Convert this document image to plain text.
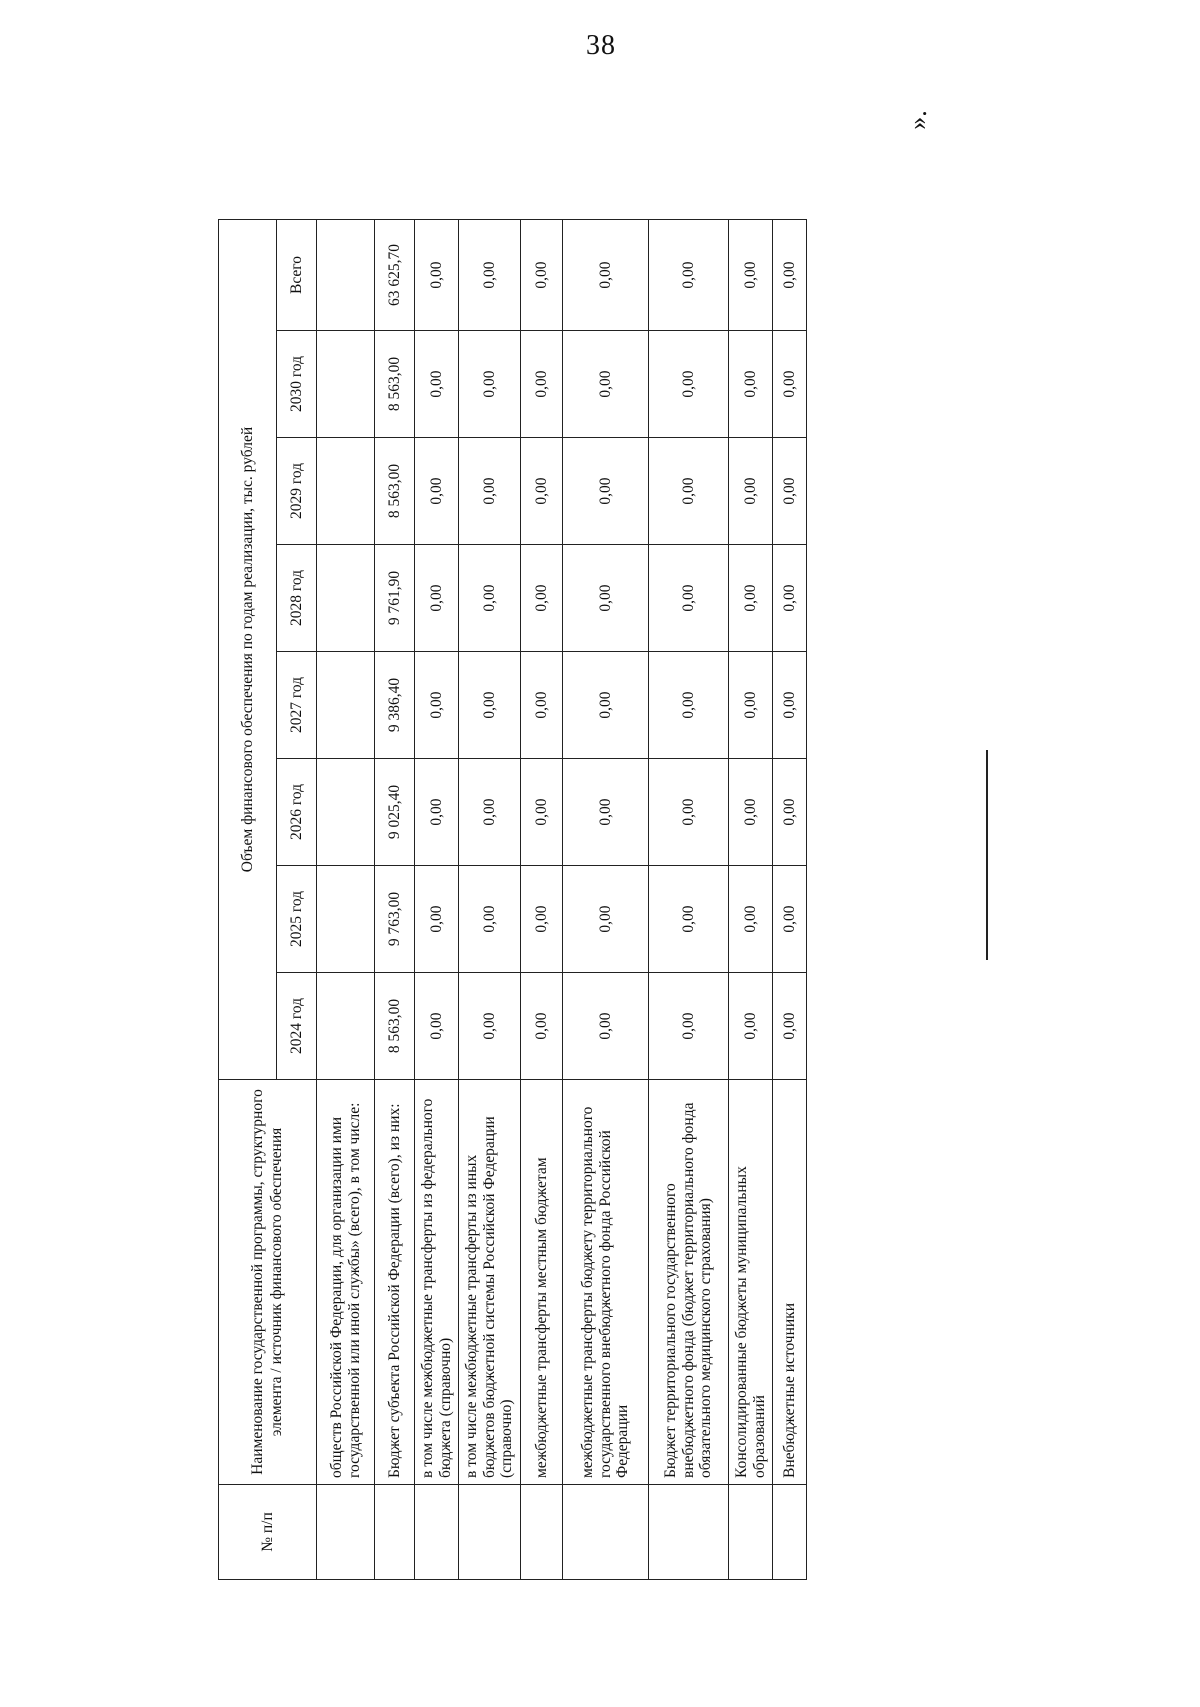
38
№ п/п	Наименование государственной программы, структурного элемента / источник финансового обеспечения	Объем финансового обеспечения по годам реализации, тыс. рублей							
		2024 год	2025 год	2026 год	2027 год	2028 год	2029 год	2030 год	Всего
	обществ Российской Федерации, для организации ими государственной или иной службы» (всего), в том числе:								
	Бюджет субъекта Российской Федерации (всего), из них:	8 563,00	9 763,00	9 025,40	9 386,40	9 761,90	8 563,00	8 563,00	63 625,70
	в том числе межбюджетные трансферты из федерального бюджета (справочно)	0,00	0,00	0,00	0,00	0,00	0,00	0,00	0,00
	в том числе межбюджетные трансферты из иных бюджетов бюджетной системы Российской Федерации (справочно)	0,00	0,00	0,00	0,00	0,00	0,00	0,00	0,00
	межбюджетные трансферты местным бюджетам	0,00	0,00	0,00	0,00	0,00	0,00	0,00	0,00
	межбюджетные трансферты бюджету территориального государственного внебюджетного фонда Российской Федерации	0,00	0,00	0,00	0,00	0,00	0,00	0,00	0,00
	Бюджет территориального государственного внебюджетного фонда (бюджет территориального фонда обязательного медицинского страхования)	0,00	0,00	0,00	0,00	0,00	0,00	0,00	0,00
	Консолидированные бюджеты муниципальных образований	0,00	0,00	0,00	0,00	0,00	0,00	0,00	0,00
	Внебюджетные источники	0,00	0,00	0,00	0,00	0,00	0,00	0,00	0,00
».
